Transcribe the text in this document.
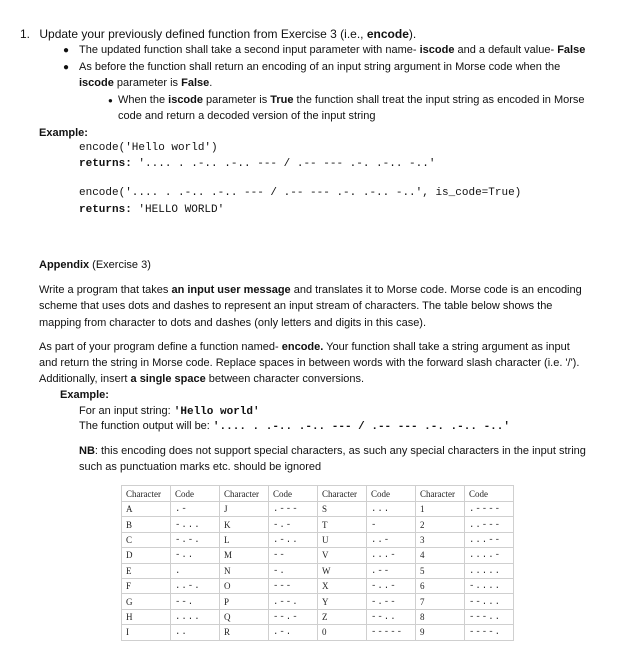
1. Update your previously defined function from Exercise 3 (i.e., encode).
● The updated function shall take a second input parameter with name- iscode and a default value- False
● As before the function shall return an encoding of an input string argument in Morse code when the
iscode parameter is False.
● When the iscode parameter is True the function shall treat the input string as encoded in Morse
code and return a decoded version of the input string
Example:
encode('Hello world')
returns: '.... . .-.. .-.. --- / .-- --- .-. .-.. -..'
encode('.... . .-.. .-.. --- / .-- --- .-. .-.. -..', is_code=True)
returns: 'HELLO WORLD'
Appendix (Exercise 3)
Write a program that takes an input user message and translates it to Morse code. Morse code is an encoding
scheme that uses dots and dashes to represent an input stream of characters. The table below shows the
mapping from character to dots and dashes (only letters and digits in this case).
As part of your program define a function named- encode. Your function shall take a string argument as input
and return the string in Morse code. Replace spaces in between words with the forward slash character (i.e. '/').
Additionally, insert a single space between character conversions.
Example:
For an input string: 'Hello world'
The function output will be: '.... . .-.. .-.. --- / .-- --- .-. .-.. -..'
NB: this encoding does not support special characters, as such any special characters in the input string
such as punctuation marks etc. should be ignored
Character	Code	Character	Code	Character	Code	Character	Code
A	.-	J	.---	S	...	1	.----
B	-...	K	-.-	T	-	2	..---
C	-.-.	L	.-..	U	..-	3	...--
D	-..	M	--	V	...-	4	....-
E	.	N	-.	W	.--	5	.....
F	..-.	O	---	X	-..-	6	-....
G	--.	P	.--.	Y	-.--	7	--...
H	....	Q	--.-	Z	--..	8	---..
I	..	R	.-.	0	-----	9	----.
